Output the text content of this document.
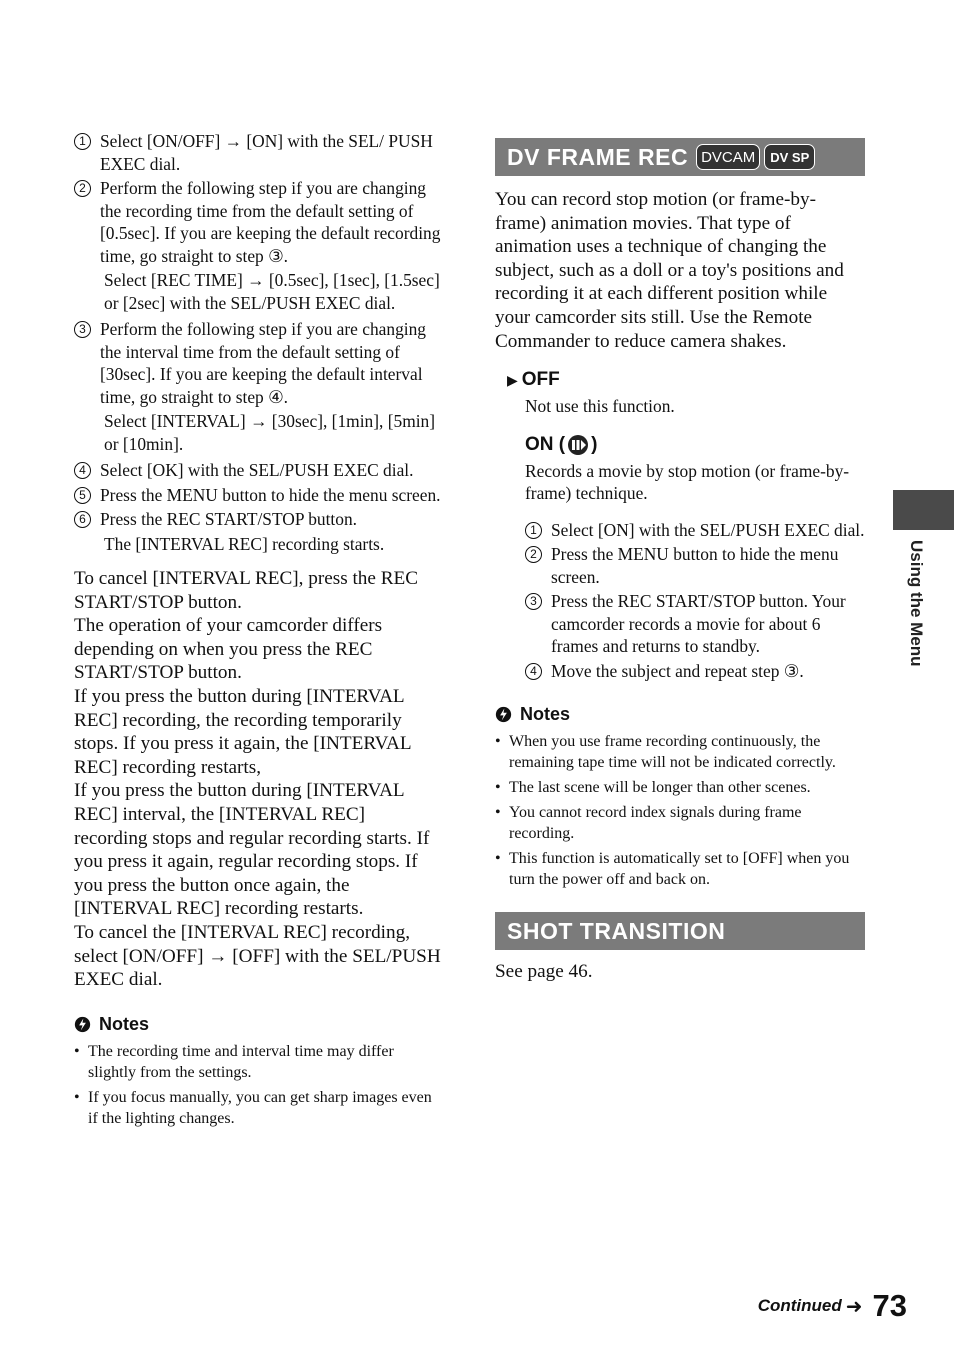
1 Select [ON/OFF] → [ON] with the SEL/ PUSH EXEC dial.
2 Perform the following step if you are changing the recording time from the default setting of [0.5sec]. If you are keeping the default recording time, go straight to step ③.
Select [REC TIME] → [0.5sec], [1sec], [1.5sec] or [2sec] with the SEL/PUSH EXEC dial.
3 Perform the following step if you are changing the interval time from the default setting of [30sec]. If you are keeping the default interval time, go straight to step ④.
Select [INTERVAL] → [30sec], [1min], [5min] or [10min].
4 Select [OK] with the SEL/PUSH EXEC dial.
5 Press the MENU button to hide the menu screen.
6 Press the REC START/STOP button.
The [INTERVAL REC] recording starts.

To cancel [INTERVAL REC], press the REC START/STOP button.

The operation of your camcorder differs depending on when you press the REC START/STOP button.

If you press the button during [INTERVAL REC] recording, the recording temporarily stops. If you press it again, the [INTERVAL REC] recording restarts,

If you press the button during [INTERVAL REC] interval, the [INTERVAL REC] recording stops and regular recording starts. If you press it again, regular recording stops. If you press the button once again, the [INTERVAL REC] recording restarts.

To cancel the [INTERVAL REC] recording, select [ON/OFF] → [OFF] with the SEL/PUSH EXEC dial.

Notes
• The recording time and interval time may differ slightly from the settings.
• If you focus manually, you can get sharp images even if the lighting changes.
DV FRAME REC DVCAM	DV SP

You can record stop motion (or frame-by-frame) animation movies. That type of animation uses a technique of changing the subject, such as a doll or a toy's positions and recording it at each different position while your camcorder sits still. Use the Remote Commander to reduce camera shakes.

▶ OFF
Not use this function.
ON ( )
Records a movie by stop motion (or frame-by-frame) technique.
1 Select [ON] with the SEL/PUSH EXEC dial.
2 Press the MENU button to hide the menu screen.
3 Press the REC START/STOP button. Your camcorder records a movie for about 6 frames and returns to standby.
4 Move the subject and repeat step ③.
Notes
• When you use frame recording continuously, the remaining tape time will not be indicated correctly.
• The last scene will be longer than other scenes.
• You cannot record index signals during frame recording.
• This function is automatically set to [OFF] when you turn the power off and back on.
SHOT TRANSITION

See page 46.

Using the Menu
Continued ➜ 73
